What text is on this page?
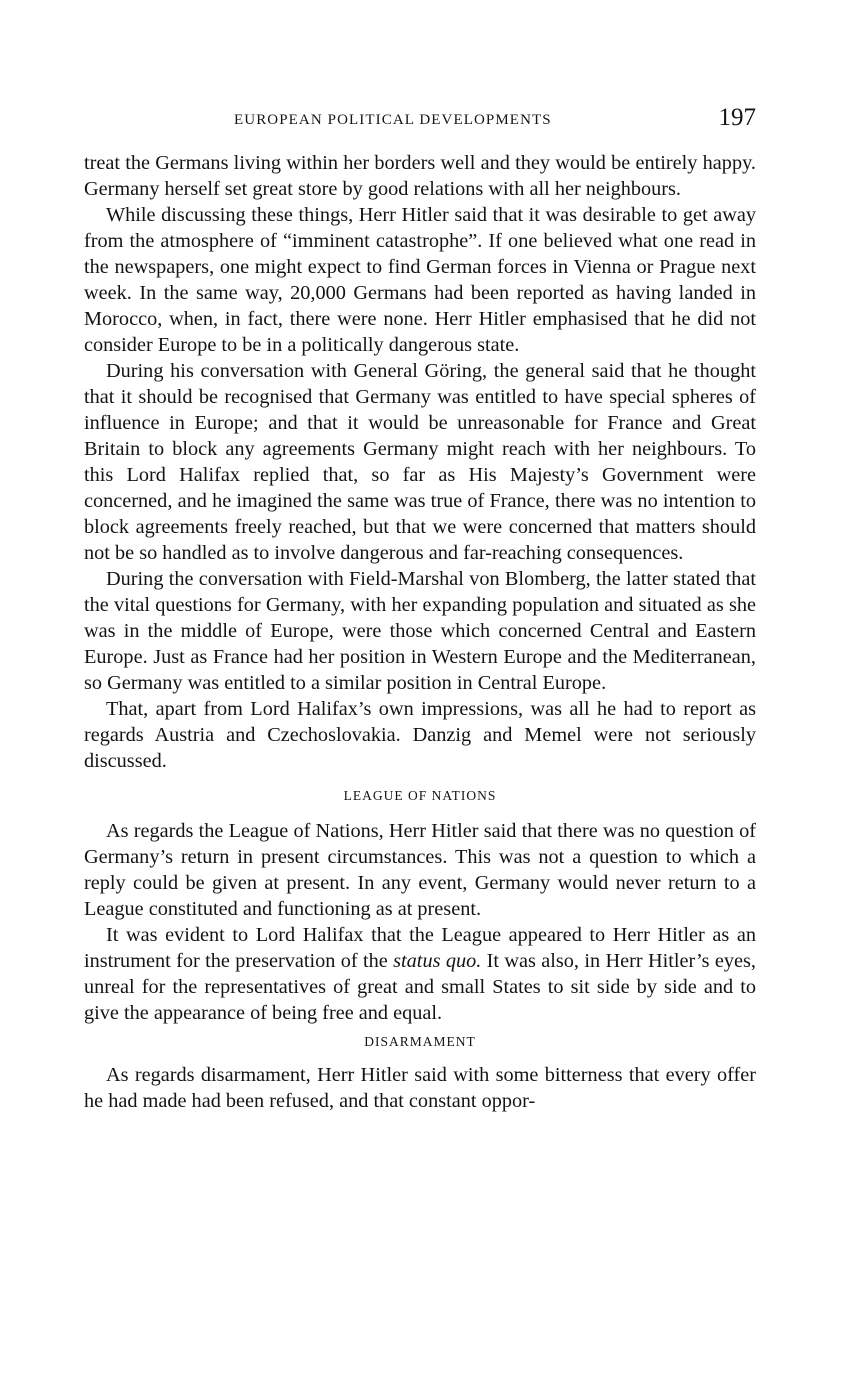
EUROPEAN POLITICAL DEVELOPMENTS	197

treat the Germans living within her borders well and they would be entirely happy. Germany herself set great store by good relations with all her neighbours.

While discussing these things, Herr Hitler said that it was desirable to get away from the atmosphere of “imminent catastrophe”. If one believed what one read in the newspapers, one might expect to find German forces in Vienna or Prague next week. In the same way, 20,000 Germans had been reported as having landed in Morocco, when, in fact, there were none. Herr Hitler emphasised that he did not consider Europe to be in a politically dangerous state.

During his conversation with General Göring, the general said that he thought that it should be recognised that Germany was entitled to have special spheres of influence in Europe; and that it would be unreasonable for France and Great Britain to block any agreements Germany might reach with her neighbours. To this Lord Halifax replied that, so far as His Majesty’s Government were concerned, and he imagined the same was true of France, there was no intention to block agreements freely reached, but that we were concerned that matters should not be so handled as to involve dangerous and far-reaching consequences.

During the conversation with Field-Marshal von Blomberg, the latter stated that the vital questions for Germany, with her expanding population and situated as she was in the middle of Europe, were those which concerned Central and Eastern Europe. Just as France had her position in Western Europe and the Mediterranean, so Germany was entitled to a similar position in Central Europe.

That, apart from Lord Halifax’s own impressions, was all he had to report as regards Austria and Czechoslovakia. Danzig and Memel were not seriously discussed.

LEAGUE OF NATIONS

As regards the League of Nations, Herr Hitler said that there was no question of Germany’s return in present circumstances. This was not a question to which a reply could be given at present. In any event, Germany would never return to a League constituted and functioning as at present.

It was evident to Lord Halifax that the League appeared to Herr Hitler as an instrument for the preservation of the status quo. It was also, in Herr Hitler’s eyes, unreal for the representatives of great and small States to sit side by side and to give the appearance of being free and equal.

DISARMAMENT

As regards disarmament, Herr Hitler said with some bitterness that every offer he had made had been refused, and that constant oppor-
